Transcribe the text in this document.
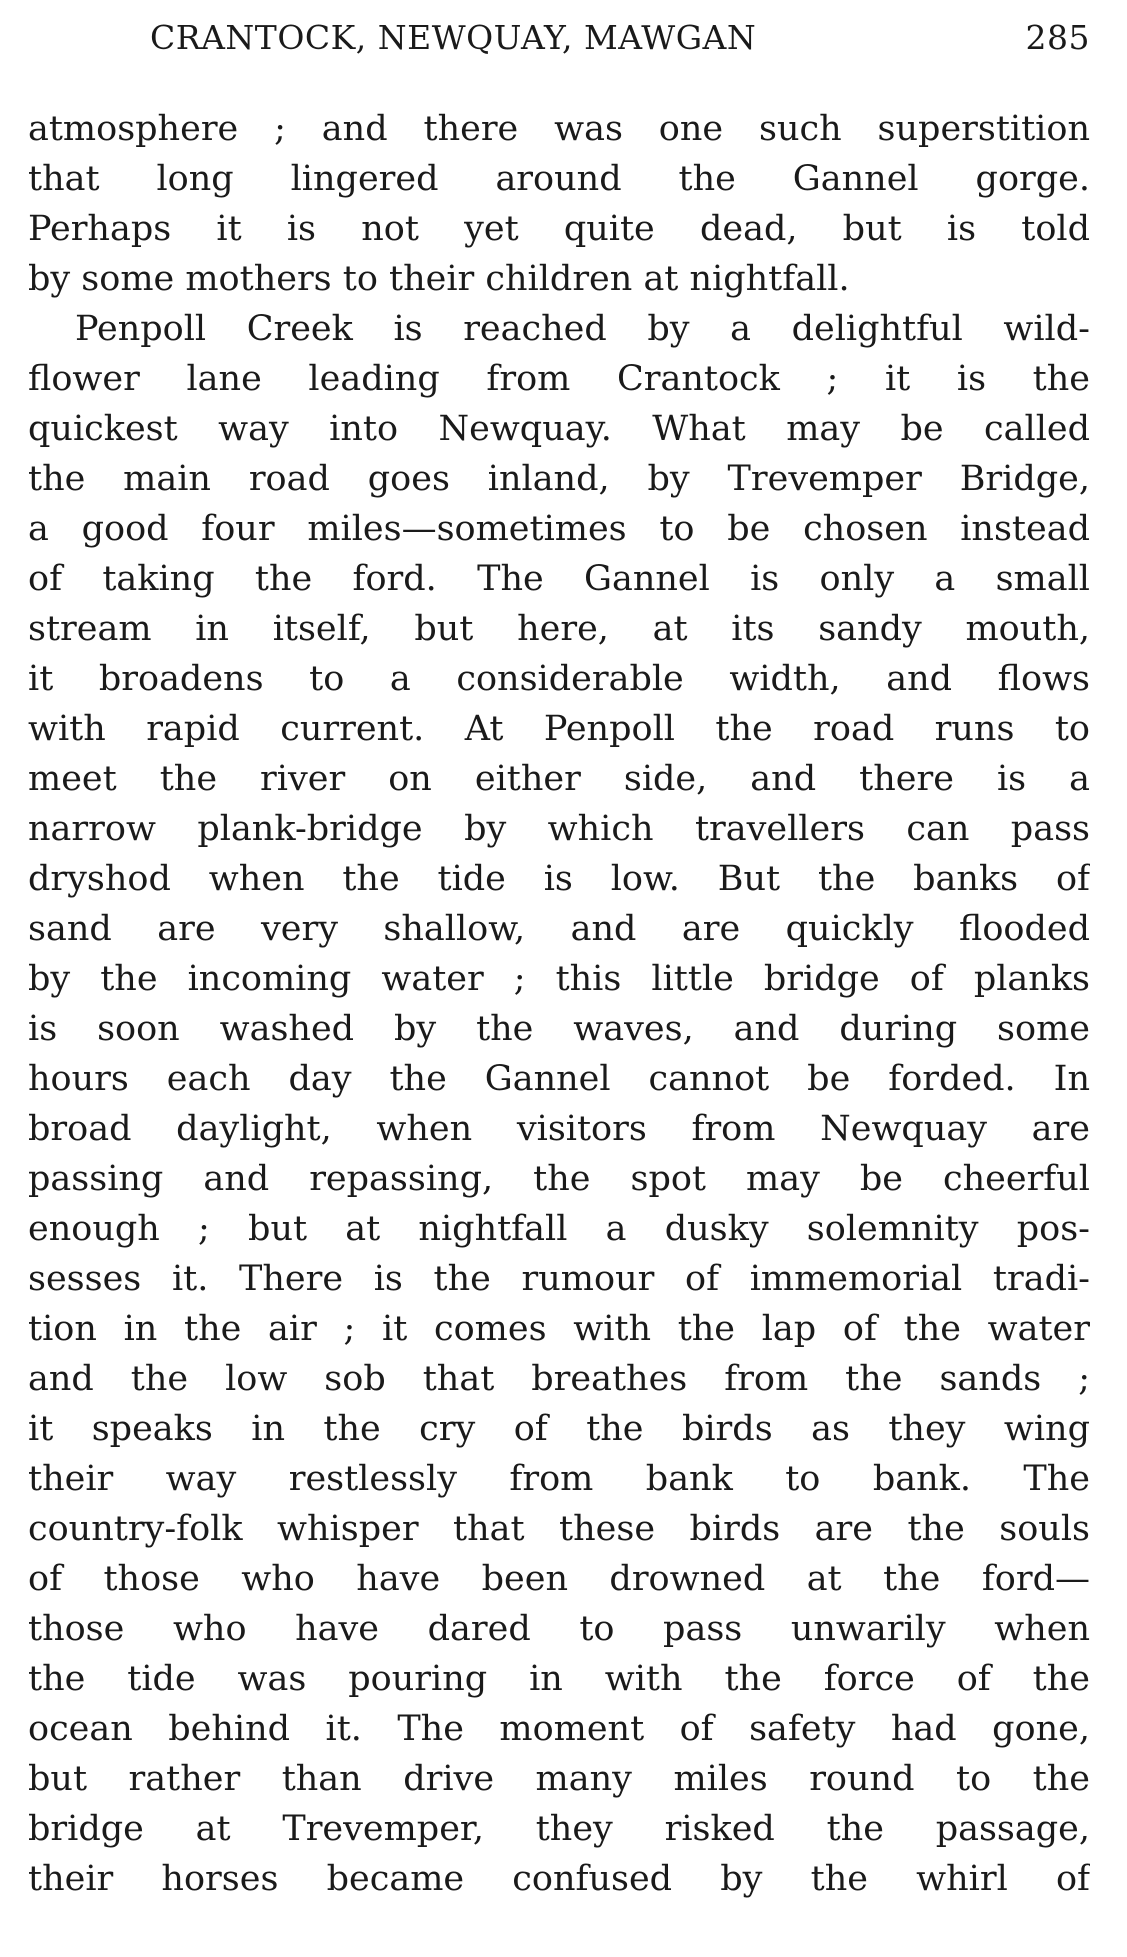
CRANTOCK, NEWQUAY, MAWGAN	285
atmosphere ; and there was one such superstition
that long lingered around the Gannel gorge.
Perhaps it is not yet quite dead, but is told
by some mothers to their children at nightfall.
Penpoll Creek is reached by a delightful wild-
flower lane leading from Crantock ; it is the
quickest way into Newquay. What may be called
the main road goes inland, by Trevemper Bridge,
a good four miles—sometimes to be chosen instead
of taking the ford. The Gannel is only a small
stream in itself, but here, at its sandy mouth,
it broadens to a considerable width, and flows
with rapid current. At Penpoll the road runs to
meet the river on either side, and there is a
narrow plank-bridge by which travellers can pass
dryshod when the tide is low. But the banks of
sand are very shallow, and are quickly flooded
by the incoming water ; this little bridge of planks
is soon washed by the waves, and during some
hours each day the Gannel cannot be forded. In
broad daylight, when visitors from Newquay are
passing and repassing, the spot may be cheerful
enough ; but at nightfall a dusky solemnity pos-
sesses it. There is the rumour of immemorial tradi-
tion in the air ; it comes with the lap of the water
and the low sob that breathes from the sands ;
it speaks in the cry of the birds as they wing
their way restlessly from bank to bank. The
country-folk whisper that these birds are the souls
of those who have been drowned at the ford—
those who have dared to pass unwarily when
the tide was pouring in with the force of the
ocean behind it. The moment of safety had gone,
but rather than drive many miles round to the
bridge at Trevemper, they risked the passage,
their horses became confused by the whirl of
